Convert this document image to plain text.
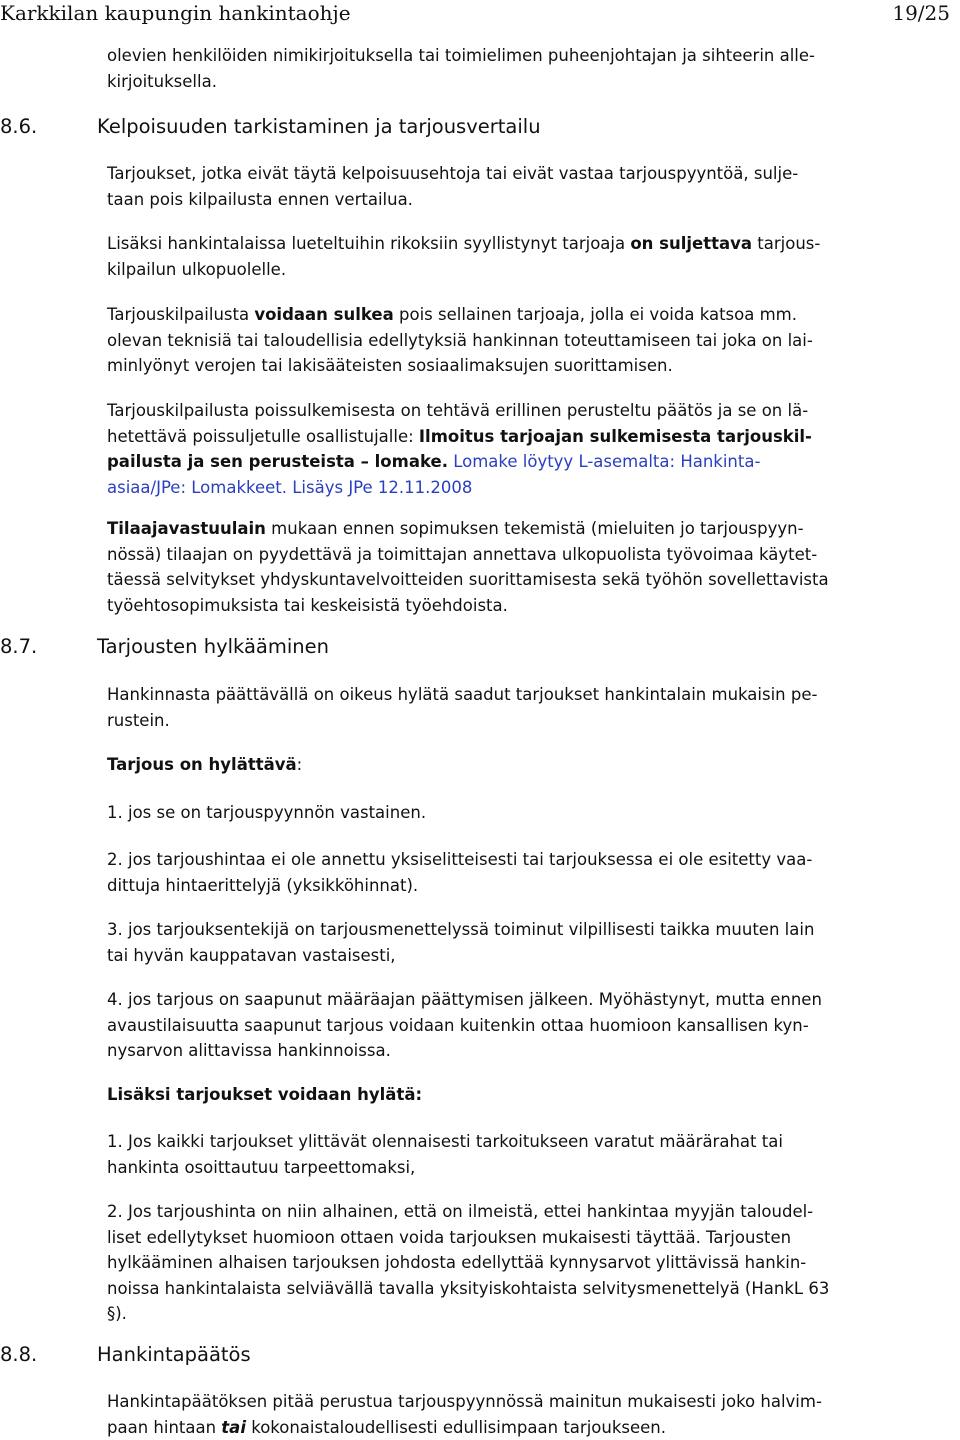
Karkkilan kaupungin hankintaohje	19/25
olevien henkilöiden nimikirjoituksella tai toimielimen puheenjohtajan ja sihteerin alle-
kirjoituksella.
8.6.	Kelpoisuuden tarkistaminen ja tarjousvertailu
Tarjoukset, jotka eivät täytä kelpoisuusehtoja tai eivät vastaa tarjouspyyntöä, sulje-
taan pois kilpailusta ennen vertailua.
Lisäksi hankintalaissa lueteltuihin rikoksiin syyllistynyt tarjoaja on suljettava tarjous-
kilpailun ulkopuolelle.
Tarjouskilpailusta voidaan sulkea pois sellainen tarjoaja, jolla ei voida katsoa mm.
olevan teknisiä tai taloudellisia edellytyksiä hankinnan toteuttamiseen tai joka on lai-
minlyönyt verojen tai lakisääteisten sosiaalimaksujen suorittamisen.
Tarjouskilpailusta poissulkemisesta on tehtävä erillinen perusteltu päätös ja se on lä-
hetettävä poissuljetulle osallistujalle: Ilmoitus tarjoajan sulkemisesta tarjouskil-
pailusta ja sen perusteista – lomake. Lomake löytyy L-asemalta: Hankinta-
asiaa/JPe: Lomakkeet. Lisäys JPe 12.11.2008
Tilaajavastuulain mukaan ennen sopimuksen tekemistä (mieluiten jo tarjouspyyn-
nössä) tilaajan on pyydettävä ja toimittajan annettava ulkopuolista työvoimaa käytet-
täessä selvitykset yhdyskuntavelvoitteiden suorittamisesta sekä työhön sovellettavista
työehtosopimuksista tai keskeisistä työehdoista.
8.7.	Tarjousten hylkääminen
Hankinnasta päättävällä on oikeus hylätä saadut tarjoukset hankintalain mukaisin pe-
rustein.
Tarjous on hylättävä:
1. jos se on tarjouspyynnön vastainen.
2. jos tarjoushintaa ei ole annettu yksiselitteisesti tai tarjouksessa ei ole esitetty vaa-
dittuja hintaerittelyjä (yksikköhinnat).
3. jos tarjouksentekijä on tarjousmenettelyssä toiminut vilpillisesti taikka muuten lain
tai hyvän kauppatavan vastaisesti,
4. jos tarjous on saapunut määräajan päättymisen jälkeen. Myöhästynyt, mutta ennen
avaustilaisuutta saapunut tarjous voidaan kuitenkin ottaa huomioon kansallisen kyn-
nysarvon alittavissa hankinnoissa.
Lisäksi tarjoukset voidaan hylätä:
1. Jos kaikki tarjoukset ylittävät olennaisesti tarkoitukseen varatut määrärahat tai
hankinta osoittautuu tarpeettomaksi,
2. Jos tarjoushinta on niin alhainen, että on ilmeistä, ettei hankintaa myyjän taloudel-
liset edellytykset huomioon ottaen voida tarjouksen mukaisesti täyttää. Tarjousten
hylkääminen alhaisen tarjouksen johdosta edellyttää kynnysarvot ylittävissä hankin-
noissa hankintalaista selviävällä tavalla yksityiskohtaista selvitysmenettelyä (HankL 63
§).
8.8.	Hankintapäätös
Hankintapäätöksen pitää perustua tarjouspyynnössä mainitun mukaisesti joko halvim-
paan hintaan tai kokonaistaloudellisesti edullisimpaan tarjoukseen.
